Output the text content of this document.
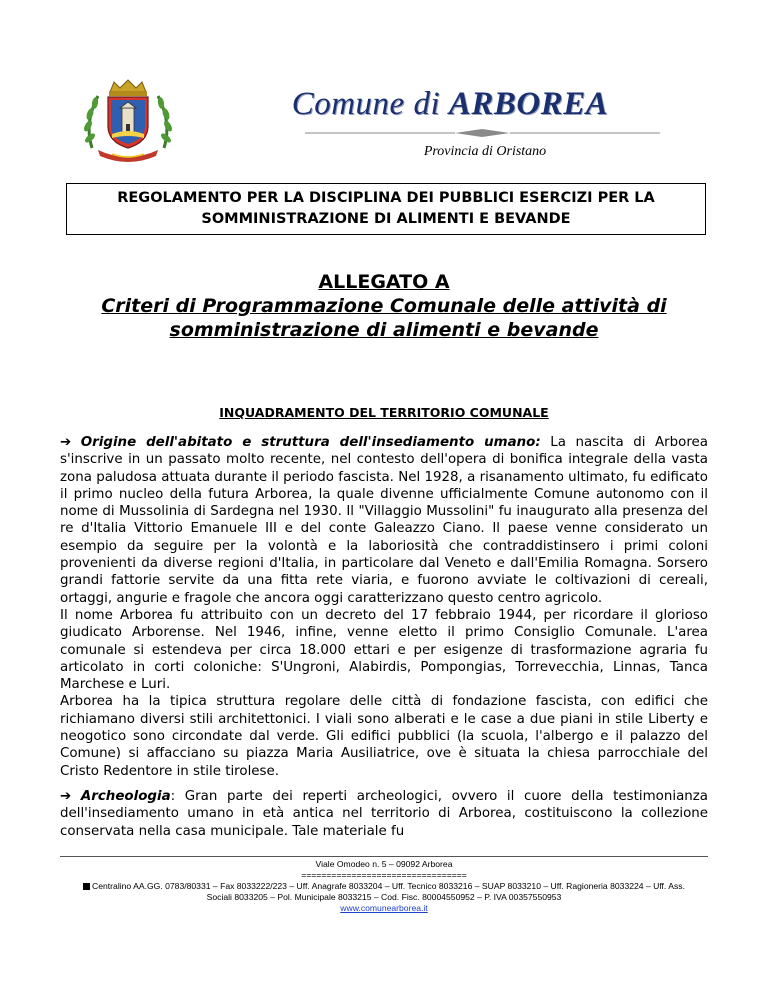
Comune di ARBOREA
Provincia di Oristano
REGOLAMENTO PER LA DISCIPLINA DEI PUBBLICI ESERCIZI PER LA SOMMINISTRAZIONE DI ALIMENTI E BEVANDE
ALLEGATO A
Criteri di Programmazione Comunale delle attività di somministrazione di alimenti e bevande
INQUADRAMENTO DEL TERRITORIO COMUNALE

➔ Origine dell'abitato e struttura dell'insediamento umano: La nascita di Arborea s'inscrive in un passato molto recente, nel contesto dell'opera di bonifica integrale della vasta zona paludosa attuata durante il periodo fascista. Nel 1928, a risanamento ultimato, fu edificato il primo nucleo della futura Arborea, la quale divenne ufficialmente Comune autonomo con il nome di Mussolinia di Sardegna nel 1930. Il "Villaggio Mussolini" fu inaugurato alla presenza del re d'Italia Vittorio Emanuele III e del conte Galeazzo Ciano. Il paese venne considerato un esempio da seguire per la volontà e la laboriosità che contraddistinsero i primi coloni provenienti da diverse regioni d'Italia, in particolare dal Veneto e dall'Emilia Romagna. Sorsero grandi fattorie servite da una fitta rete viaria, e fuorono avviate le coltivazioni di cereali, ortaggi, angurie e fragole che ancora oggi caratterizzano questo centro agricolo.

Il nome Arborea fu attribuito con un decreto del 17 febbraio 1944, per ricordare il glorioso giudicato Arborense. Nel 1946, infine, venne eletto il primo Consiglio Comunale. L'area comunale si estendeva per circa 18.000 ettari e per esigenze di trasformazione agraria fu articolato in corti coloniche: S'Ungroni, Alabirdis, Pompongias, Torrevecchia, Linnas, Tanca Marchese e Luri.

Arborea ha la tipica struttura regolare delle città di fondazione fascista, con edifici che richiamano diversi stili architettonici. I viali sono alberati e le case a due piani in stile Liberty e neogotico sono circondate dal verde. Gli edifici pubblici (la scuola, l'albergo e il palazzo del Comune) si affacciano su piazza Maria Ausiliatrice, ove è situata la chiesa parrocchiale del Cristo Redentore in stile tirolese.

➔ Archeologia: Gran parte dei reperti archeologici, ovvero il cuore della testimonianza dell'insediamento umano in età antica nel territorio di Arborea, costituiscono la collezione conservata nella casa municipale. Tale materiale fu

Viale Omodeo n. 5 – 09092 Arborea
=================================
Centralino AA.GG. 0783/80331 – Fax 8033222/223 – Uff. Anagrafe 8033204 – Uff. Tecnico 8033216 – SUAP 8033210 – Uff. Ragioneria 8033224 – Uff. Ass.
Sociali 8033205 – Pol. Municipale 8033215 – Cod. Fisc. 80004550952 – P. IVA 00357550953
www.comunearborea.it
